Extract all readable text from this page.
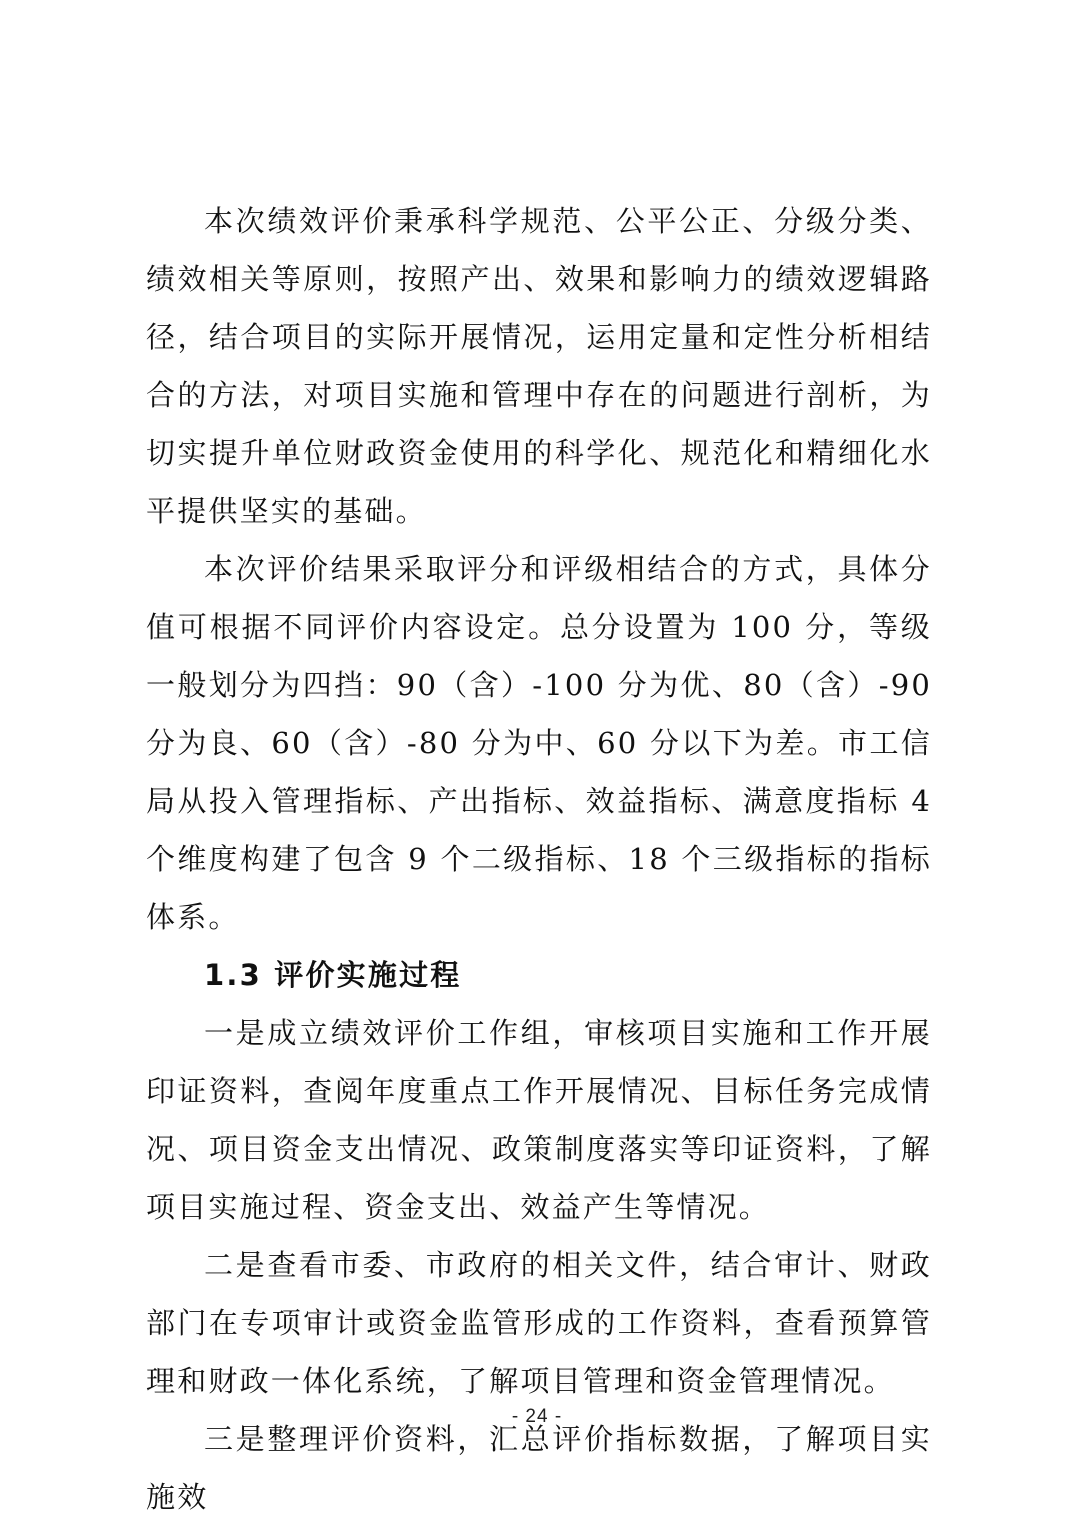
本次绩效评价秉承科学规范、公平公正、分级分类、绩效相关等原则，按照产出、效果和影响力的绩效逻辑路径，结合项目的实际开展情况，运用定量和定性分析相结合的方法，对项目实施和管理中存在的问题进行剖析，为切实提升单位财政资金使用的科学化、规范化和精细化水平提供坚实的基础。

本次评价结果采取评分和评级相结合的方式，具体分值可根据不同评价内容设定。总分设置为 100 分，等级一般划分为四挡：90（含）-100 分为优、80（含）-90 分为良、60（含）-80 分为中、60 分以下为差。市工信局从投入管理指标、产出指标、效益指标、满意度指标 4 个维度构建了包含 9 个二级指标、18 个三级指标的指标体系。

1.3 评价实施过程

一是成立绩效评价工作组，审核项目实施和工作开展印证资料，查阅年度重点工作开展情况、目标任务完成情况、项目资金支出情况、政策制度落实等印证资料，了解项目实施过程、资金支出、效益产生等情况。

二是查看市委、市政府的相关文件，结合审计、财政部门在专项审计或资金监管形成的工作资料，查看预算管理和财政一体化系统，了解项目管理和资金管理情况。

三是整理评价资料，汇总评价指标数据，了解项目实施效

- 24 -
